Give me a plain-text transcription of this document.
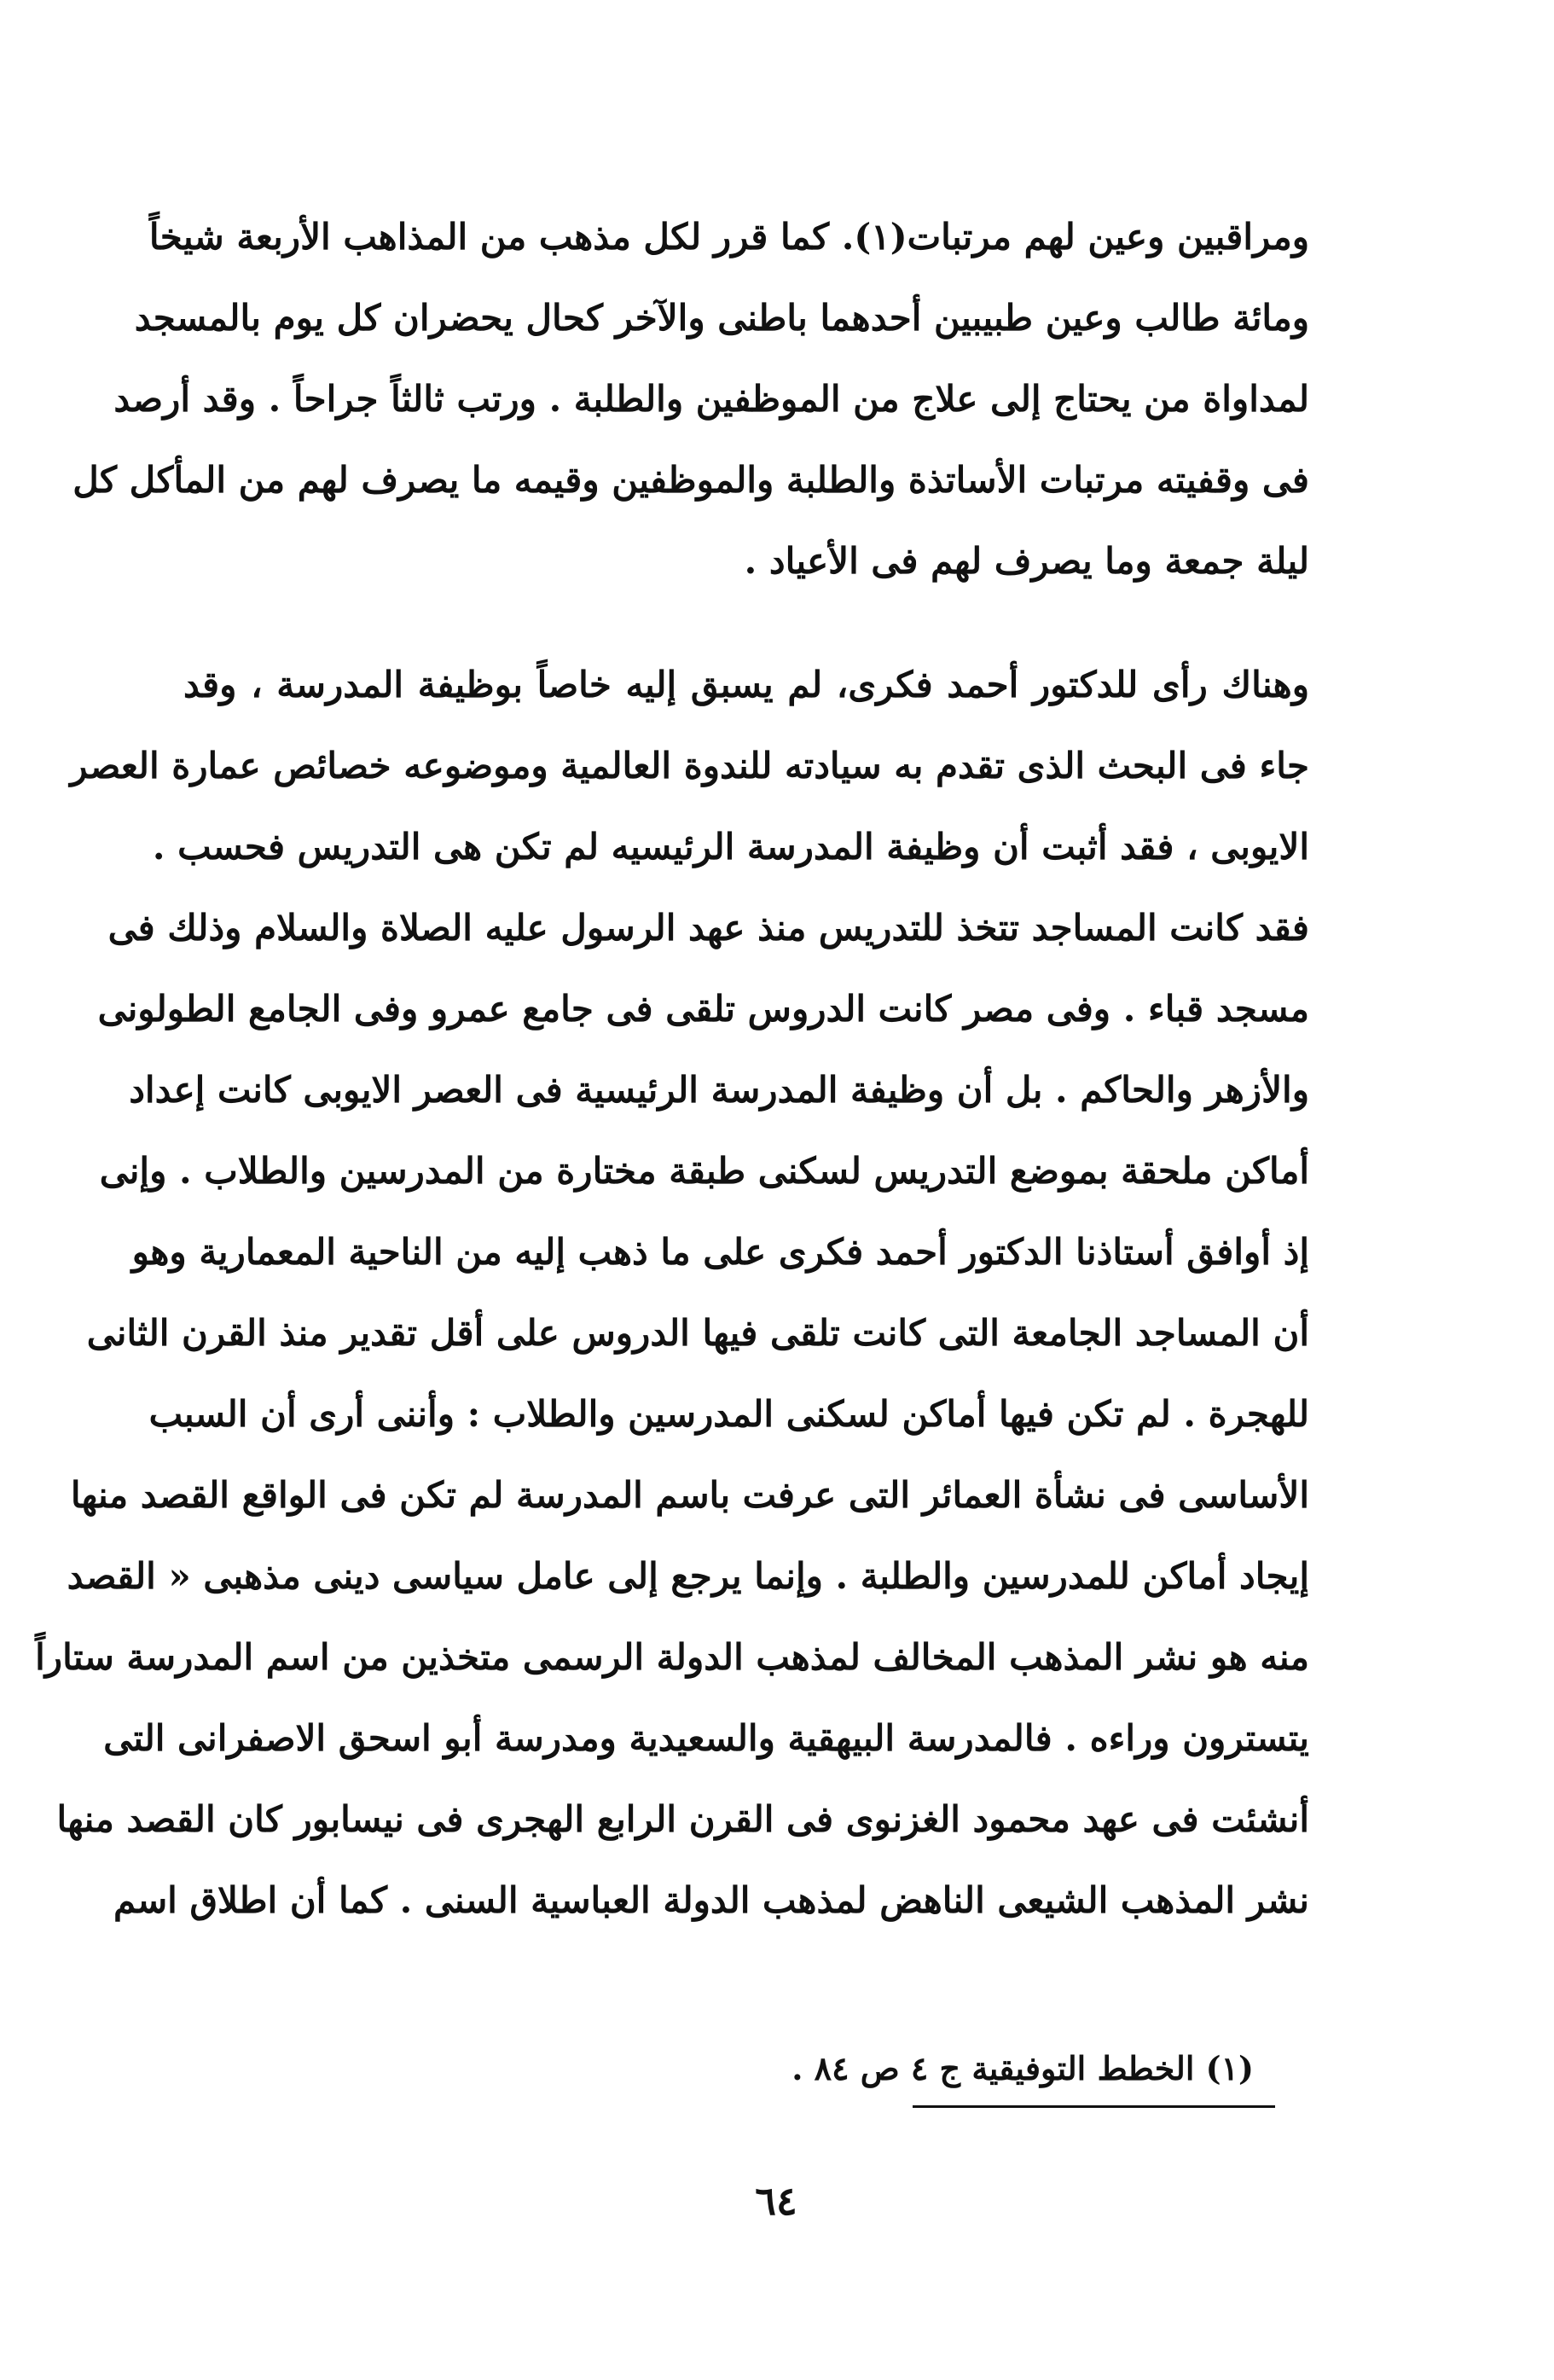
ومراقبين وعين لهم مرتبات(١). كما قرر لكل مذهب من المذاهب الأربعة شيخاً
ومائة طالب وعين طبيبين أحدهما باطنى والآخر كحال يحضران كل يوم بالمسجد
لمداواة من يحتاج إلى علاج من الموظفين والطلبة . ورتب ثالثاً جراحاً . وقد أرصد
فى وقفيته مرتبات الأساتذة والطلبة والموظفين وقيمه ما يصرف لهم من المأكل كل
ليلة جمعة وما يصرف لهم فى الأعياد .
وهناك رأى للدكتور أحمد فكرى، لم يسبق إليه خاصاً بوظيفة المدرسة ، وقد
جاء فى البحث الذى تقدم به سيادته للندوة العالمية وموضوعه خصائص عمارة العصر
الايوبى ، فقد أثبت أن وظيفة المدرسة الرئيسيه لم تكن هى التدريس فحسب .
فقد كانت المساجد تتخذ للتدريس منذ عهد الرسول عليه الصلاة والسلام وذلك فى
مسجد قباء . وفى مصر كانت الدروس تلقى فى جامع عمرو وفى الجامع الطولونى
والأزهر والحاكم . بل أن وظيفة المدرسة الرئيسية فى العصر الايوبى كانت إعداد
أماكن ملحقة بموضع التدريس لسكنى طبقة مختارة من المدرسين والطلاب . وإنى
إذ أوافق أستاذنا الدكتور أحمد فكرى على ما ذهب إليه من الناحية المعمارية وهو
أن المساجد الجامعة التى كانت تلقى فيها الدروس على أقل تقدير منذ القرن الثانى
للهجرة . لم تكن فيها أماكن لسكنى المدرسين والطلاب : وأننى أرى أن السبب
الأساسى فى نشأة العمائر التى عرفت باسم المدرسة لم تكن فى الواقع القصد منها
إيجاد أماكن للمدرسين والطلبة . وإنما يرجع إلى عامل سياسى دينى مذهبى « القصد
منه هو نشر المذهب المخالف لمذهب الدولة الرسمى متخذين من اسم المدرسة ستاراً
يتسترون وراءه . فالمدرسة البيهقية والسعيدية ومدرسة أبو اسحق الاصفرانى التى
أنشئت فى عهد محمود الغزنوى فى القرن الرابع الهجرى فى نيسابور كان القصد منها
نشر المذهب الشيعى الناهض لمذهب الدولة العباسية السنى . كما أن اطلاق اسم
(١) الخطط التوفيقية ج ٤ ص ٨٤ .
٦٤
